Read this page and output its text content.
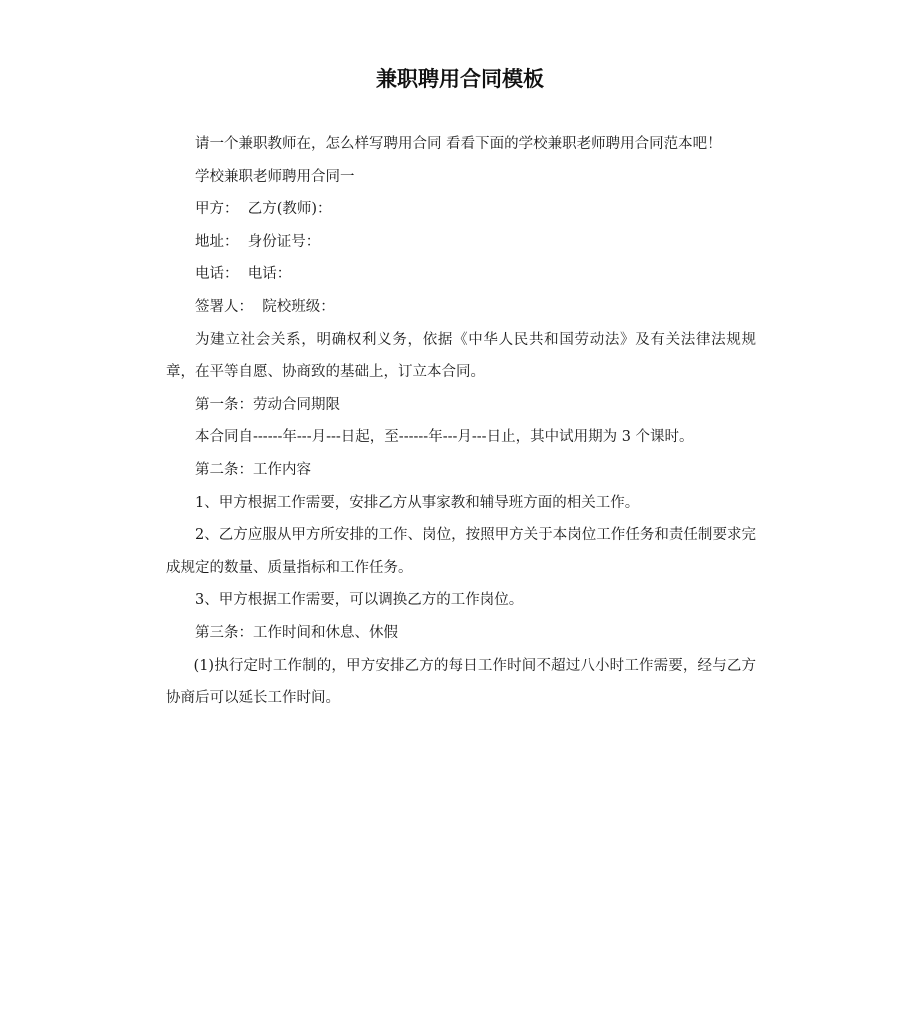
兼职聘用合同模板

请一个兼职教师在，怎么样写聘用合同 看看下面的学校兼职老师聘用合同范本吧！

学校兼职老师聘用合同一

甲方：  乙方(教师)：

地址：  身份证号：

电话：  电话：

签署人：  院校班级：

为建立社会关系，明确权利义务，依据《中华人民共和国劳动法》及有关法律法规规章，在平等自愿、协商致的基础上，订立本合同。

第一条：劳动合同期限

本合同自------年---月---日起，至------年---月---日止，其中试用期为 3 个课时。

第二条：工作内容

1、甲方根据工作需要，安排乙方从事家教和辅导班方面的相关工作。

2、乙方应服从甲方所安排的工作、岗位，按照甲方关于本岗位工作任务和责任制要求完成规定的数量、质量指标和工作任务。

3、甲方根据工作需要，可以调换乙方的工作岗位。

第三条：工作时间和休息、休假

(1)执行定时工作制的，甲方安排乙方的每日工作时间不超过八小时工作需要，经与乙方协商后可以延长工作时间。
